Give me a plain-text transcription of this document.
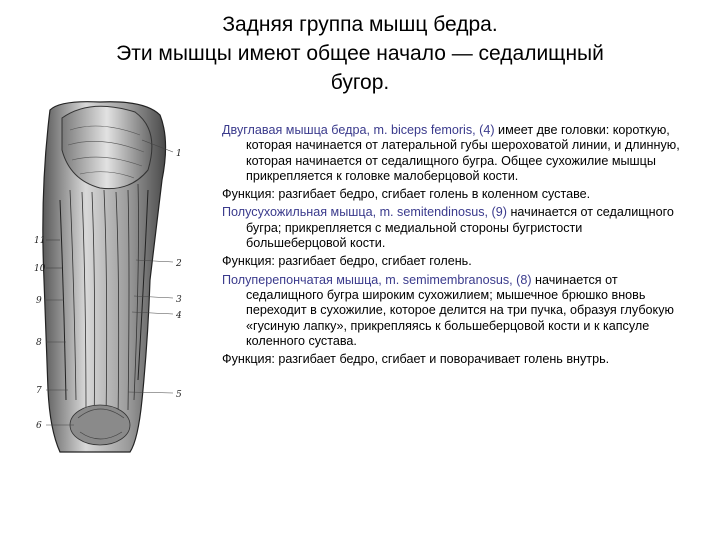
Задняя группа мышц бедра.
Эти мышцы имеют общее начало — седалищный
бугор.
1
11
2
10
3
9
4
8
7	5
6

Двуглавая мышца бедра, m. biceps femoris, (4) имеет две головки: короткую, которая начинается от латеральной губы шероховатой линии, и длинную, которая начинается от седалищного бугра. Общее сухожилие мышцы прикрепляется к головке малоберцовой кости.

Функция: разгибает бедро, сгибает голень в коленном суставе.

Полусухожильная мышца, m. semitendinosus, (9) начинается от седалищного бугра; прикрепляется с медиальной стороны бугристости большеберцовой кости.

Функция: разгибает бедро, сгибает голень.

Полуперепончатая мышца, m. semimembranosus, (8) начинается от седалищного бугра широким сухожилием; мышечное брюшко вновь переходит в сухожилие, которое делится на три пучка, образуя глубокую «гусиную лапку», прикрепляясь к большеберцовой кости и к капсуле коленного сустава.

Функция: разгибает бедро, сгибает и поворачивает голень внутрь.
